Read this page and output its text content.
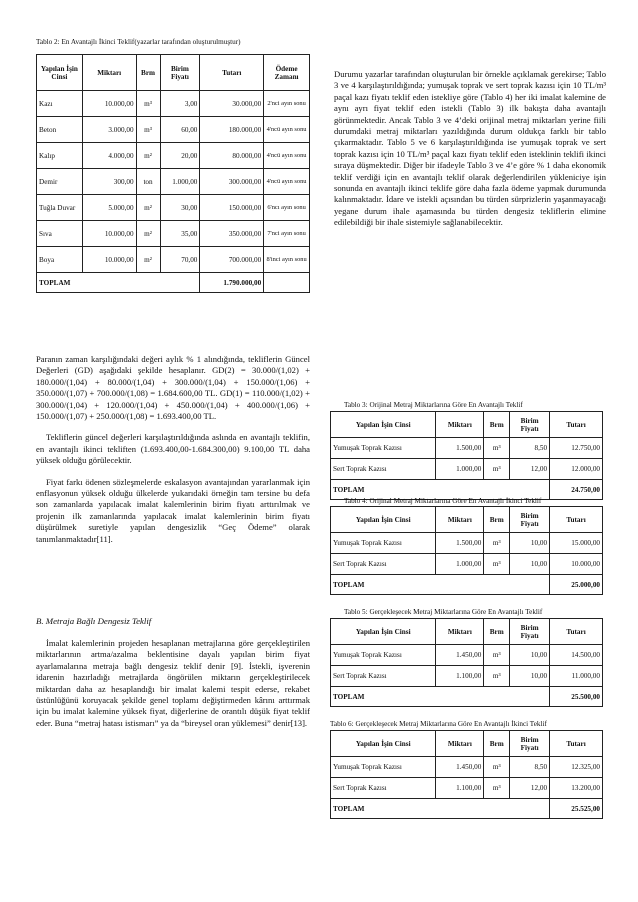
Tablo 2: En Avantajlı İkinci Teklif(yazarlar tarafından oluşturulmuştur)
Yapılan İşin Cinsi	Miktarı	Brm	Birim Fiyatı	Tutarı	Ödeme Zamanı
Kazı	10.000,00	m³	3,00	30.000,00	2'nci ayın sonu
Beton	3.000,00	m³	60,00	180.000,00	4'ncü ayın sonu
Kalıp	4.000,00	m²	20,00	80.000,00	4'ncü ayın sonu
Demir	300,00	ton	1.000,00	300.000,00	4'ncü ayın sonu
Tuğla Duvar	5.000,00	m²	30,00	150.000,00	6'ncı ayın sonu
Sıva	10.000,00	m²	35,00	350.000,00	7'nci ayın sonu
Boya	10.000,00	m²	70,00	700.000,00	8'inci ayın sonu
TOPLAM				1.790.000,00	

Paranın zaman karşılığındaki değeri aylık % 1 alındığında, tekliflerin Güncel Değerleri (GD) aşağıdaki şekilde hesaplanır. GD(2) = 30.000/(1,02) + 180.000/(1,04) + 80.000/(1,04) + 300.000/(1,04) + 150.000/(1,06) + 350.000/(1,07) + 700.000/(1,08) = 1.684.600,00 TL. GD(1) = 110.000/(1,02) + 300.000/(1,04) + 120.000/(1,04) + 450.000/(1,04) + 400.000/(1,06) + 150.000/(1,07) + 250.000/(1,08) = 1.693.400,00 TL.

Tekliflerin güncel değerleri karşılaştırıldığında aslında en avantajlı teklifin, en avantajlı ikinci tekliften (1.693.400,00-1.684.300,00) 9.100,00 TL daha yüksek olduğu görülecektir.

Fiyat farkı ödenen sözleşmelerde eskalasyon avantajından yararlanmak için enflasyonun yüksek olduğu ülkelerde yukarıdaki örneğin tam tersine bu defa son zamanlarda yapılacak imalat kalemlerinin birim fiyatı arttırılmak ve projenin ilk zamanlarında yapılacak imalat kalemlerinin birim fiyatı düşürülmek suretiyle yapılan dengesizlik “Geç Ödeme” olarak tanımlanmaktadır[11].

B. Metraja Bağlı Dengesiz Teklif

İmalat kalemlerinin projeden hesaplanan metrajlarına göre gerçekleştirilen miktarlarının artma/azalma beklentisine dayalı yapılan birim fiyat ayarlamalarına metraja bağlı dengesiz teklif denir [9]. İstekli, işverenin idarenin hazırladığı metrajlarda öngörülen miktarın gerçekleştirilecek miktardan daha az hesaplandığı bir imalat kalemi tespit ederse, rekabet üstünlüğünü koruyacak şekilde genel toplamı değiştirmeden kârını arttırmak için bu imalat kalemine yüksek fiyat, diğerlerine de orantılı düşük fiyat teklif eder. Buna “metraj hatası istismarı” ya da “bireysel oran yüklemesi” denir[13].

Durumu yazarlar tarafından oluşturulan bir örnekle açıklamak gerekirse; Tablo 3 ve 4 karşılaştırıldığında; yumuşak toprak ve sert toprak kazısı için 10 TL/m³ paçal kazı fiyatı teklif eden istekliye göre (Tablo 4) her iki imalat kalemine de aynı ayrı fiyat teklif eden istekli (Tablo 3) ilk bakışta daha avantajlı görünmektedir. Ancak Tablo 3 ve 4’deki orijinal metraj miktarları yerine fiili durumdaki metraj miktarları yazıldığında durum oldukça farklı bir tablo çıkarmaktadır. Tablo 5 ve 6 karşılaştırıldığında ise yumuşak toprak ve sert toprak kazısı için 10 TL/m³ paçal kazı fiyatı teklif eden isteklinin teklifi ikinci sıraya düşmektedir. Diğer bir ifadeyle Tablo 3 ve 4’e göre % 1 daha ekonomik teklif verdiği için en avantajlı teklif olarak değerlendirilen yükleniciye işin sonunda en avantajlı ikinci teklife göre daha fazla ödeme yapmak durumunda kalınmaktadır. İdare ve istekli açısından bu türden sürprizlerin yaşanmayacağı yegane durum ihale aşamasında bu türden dengesiz tekliflerin elimine edilebildiği bir ihale sistemiyle sağlanabilecektir.

Tablo 3: Orijinal Metraj Miktarlarına Göre En Avantajlı Teklif
Yapılan İşin Cinsi	Miktarı	Brm	Birim Fiyatı	Tutarı
Yumuşak Toprak Kazısı	1.500,00	m³	8,50	12.750,00
Sert Toprak Kazısı	1.000,00	m³	12,00	12.000,00
TOPLAM				24.750,00
Tablo 4: Orijinal Metraj Miktarlarına Göre En Avantajlı İkinci Teklif
Yapılan İşin Cinsi	Miktarı	Brm	Birim Fiyatı	Tutarı
Yumuşak Toprak Kazısı	1.500,00	m³	10,00	15.000,00
Sert Toprak Kazısı	1.000,00	m³	10,00	10.000,00
TOPLAM				25.000,00
Tablo 5: Gerçekleşecek Metraj Miktarlarına Göre En Avantajlı Teklif
Yapılan İşin Cinsi	Miktarı	Brm	Birim Fiyatı	Tutarı
Yumuşak Toprak Kazısı	1.450,00	m³	10,00	14.500,00
Sert Toprak Kazısı	1.100,00	m³	10,00	11.000,00
TOPLAM				25.500,00
Tablo 6: Gerçekleşecek Metraj Miktarlarına Göre En Avantajlı İkinci Teklif
Yapılan İşin Cinsi	Miktarı	Brm	Birim Fiyatı	Tutarı
Yumuşak Toprak Kazısı	1.450,00	m³	8,50	12.325,00
Sert Toprak Kazısı	1.100,00	m³	12,00	13.200,00
TOPLAM				25.525,00
